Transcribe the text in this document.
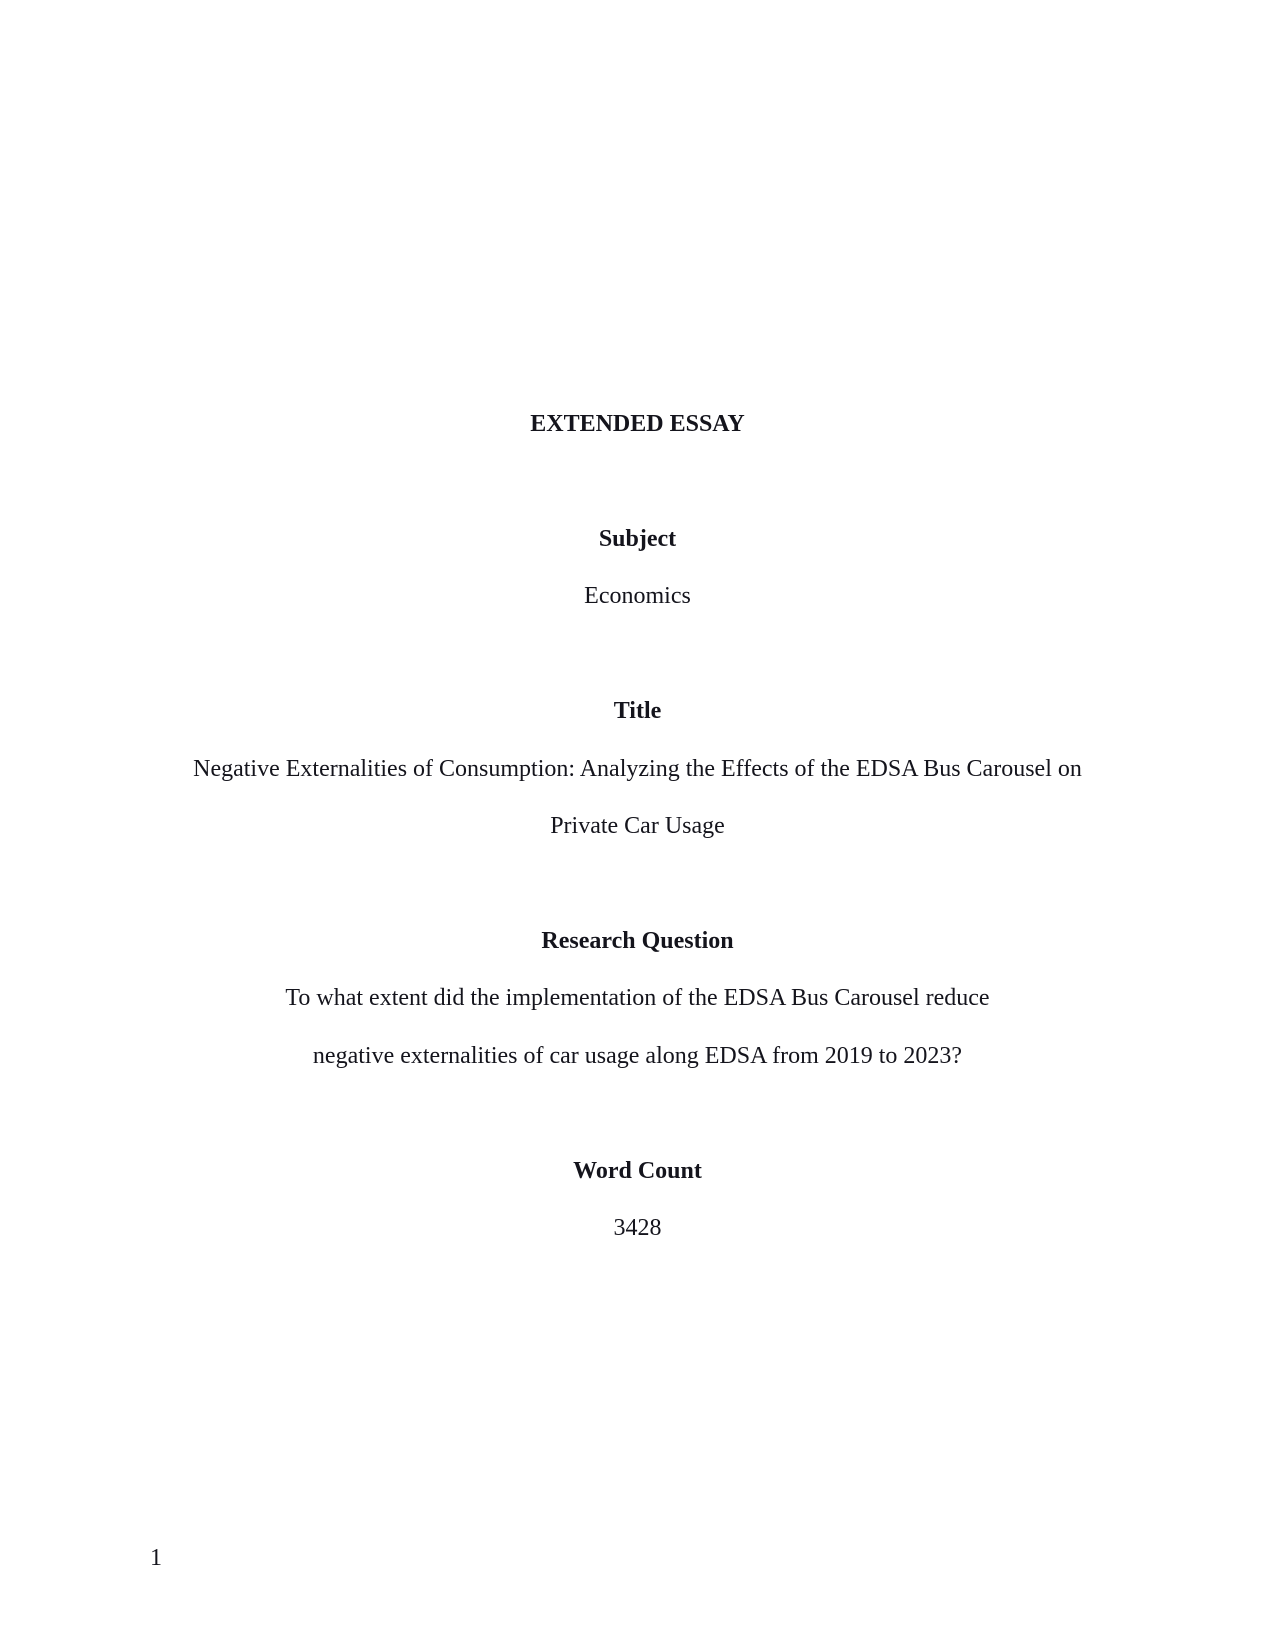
EXTENDED ESSAY
Subject
Economics
Title
Negative Externalities of Consumption: Analyzing the Effects of the EDSA Bus Carousel on
Private Car Usage
Research Question
To what extent did the implementation of the EDSA Bus Carousel reduce
negative externalities of car usage along EDSA from 2019 to 2023?
Word Count
3428
1
